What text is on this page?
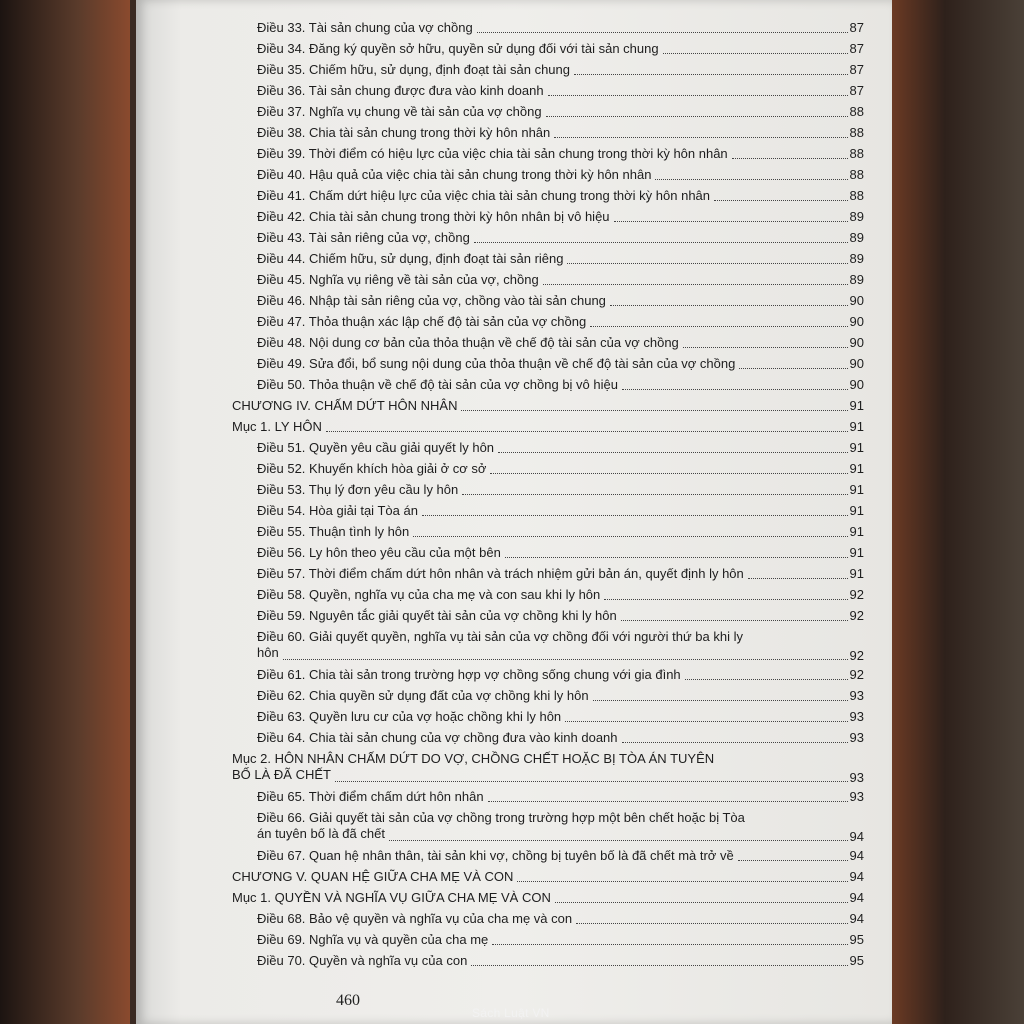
Điều 33. Tài sản chung của vợ chồng	87
Điều 34. Đăng ký quyền sở hữu, quyền sử dụng đối với tài sản chung	87
Điều 35. Chiếm hữu, sử dụng, định đoạt tài sản chung	87
Điều 36. Tài sản chung được đưa vào kinh doanh	87
Điều 37. Nghĩa vụ chung về tài sản của vợ chồng	88
Điều 38. Chia tài sản chung trong thời kỳ hôn nhân	88
Điều 39. Thời điểm có hiệu lực của việc chia tài sản chung trong thời kỳ hôn nhân	88
Điều 40. Hậu quả của việc chia tài sản chung trong thời kỳ hôn nhân	88
Điều 41. Chấm dứt hiệu lực của việc chia tài sản chung trong thời kỳ hôn nhân	88
Điều 42. Chia tài sản chung trong thời kỳ hôn nhân bị vô hiệu	89
Điều 43. Tài sản riêng của vợ, chồng	89
Điều 44. Chiếm hữu, sử dụng, định đoạt tài sản riêng	89
Điều 45. Nghĩa vụ riêng về tài sản của vợ, chồng	89
Điều 46. Nhập tài sản riêng của vợ, chồng vào tài sản chung	90
Điều 47. Thỏa thuận xác lập chế độ tài sản của vợ chồng	90
Điều 48. Nội dung cơ bản của thỏa thuận về chế độ tài sản của vợ chồng	90
Điều 49. Sửa đổi, bổ sung nội dung của thỏa thuận về chế độ tài sản của vợ chồng	90
Điều 50. Thỏa thuận về chế độ tài sản của vợ chồng bị vô hiệu	90
CHƯƠNG IV. CHẤM DỨT HÔN NHÂN	91
Mục 1. LY HÔN	91
Điều 51. Quyền yêu cầu giải quyết ly hôn	91
Điều 52. Khuyến khích hòa giải ở cơ sở	91
Điều 53. Thụ lý đơn yêu cầu ly hôn	91
Điều 54. Hòa giải tại Tòa án	91
Điều 55. Thuận tình ly hôn	91
Điều 56. Ly hôn theo yêu cầu của một bên	91
Điều 57. Thời điểm chấm dứt hôn nhân và trách nhiệm gửi bản án, quyết định ly hôn	91
Điều 58. Quyền, nghĩa vụ của cha mẹ và con sau khi ly hôn	92
Điều 59. Nguyên tắc giải quyết tài sản của vợ chồng khi ly hôn	92
Điều 60. Giải quyết quyền, nghĩa vụ tài sản của vợ chồng đối với người thứ ba khi ly
hôn	92
Điều 61. Chia tài sản trong trường hợp vợ chồng sống chung với gia đình	92
Điều 62. Chia quyền sử dụng đất của vợ chồng khi ly hôn	93
Điều 63. Quyền lưu cư của vợ hoặc chồng khi ly hôn	93
Điều 64. Chia tài sản chung của vợ chồng đưa vào kinh doanh	93
Mục 2. HÔN NHÂN CHẤM DỨT DO VỢ, CHỒNG CHẾT HOẶC BỊ TÒA ÁN TUYÊN
BỐ LÀ ĐÃ CHẾT	93
Điều 65. Thời điểm chấm dứt hôn nhân	93
Điều 66. Giải quyết tài sản của vợ chồng trong trường hợp một bên chết hoặc bị Tòa
án tuyên bố là đã chết	94
Điều 67. Quan hệ nhân thân, tài sản khi vợ, chồng bị tuyên bố là đã chết mà trở về	94
CHƯƠNG V. QUAN HỆ GIỮA CHA MẸ VÀ CON	94
Mục 1. QUYỀN VÀ NGHĨA VỤ GIỮA CHA MẸ VÀ CON	94
Điều 68. Bảo vệ quyền và nghĩa vụ của cha mẹ và con	94
Điều 69. Nghĩa vụ và quyền của cha mẹ	95
Điều 70. Quyền và nghĩa vụ của con	95
460
Sách Luật VN
